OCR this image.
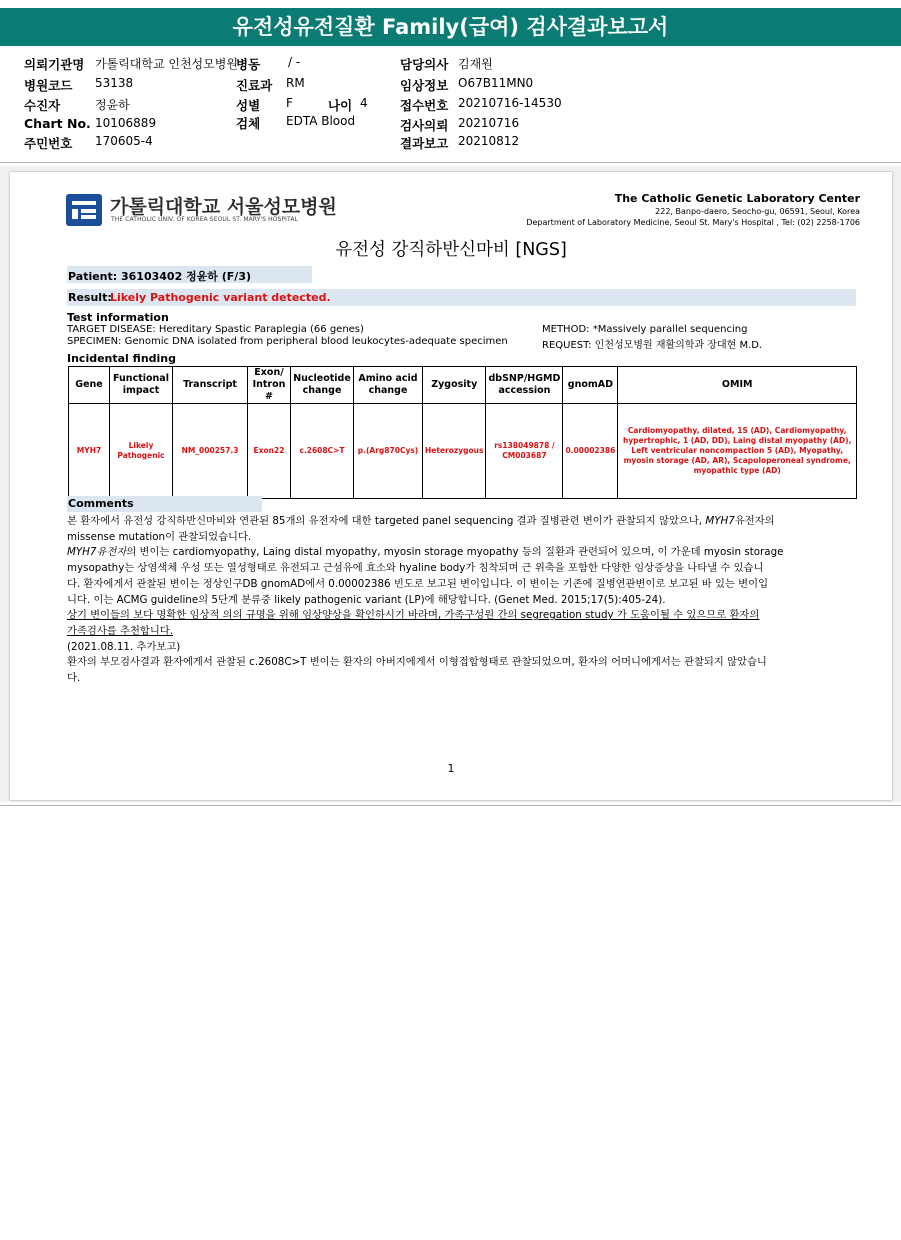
유전성유전질환 Family(급여) 검사결과보고서
의뢰기관명 가톨릭대학교 인천성모병원
병원코드 53138
수진자	정윤하
Chart No. 10106889
주민번호 170605-4
병동 / -
진료과 RM
성별 F	나이 4
검체 EDTA Blood
담당의사 김재원
임상정보 O67B11MN0
접수번호 20210716-14530
검사의뢰 20210716
결과보고 20210812
가톨릭대학교 서울성모병원
THE CATHOLIC UNIV. OF KOREA SEOUL ST. MARY'S HOSPITAL
The Catholic Genetic Laboratory Center
222, Banpo-daero, Seocho-gu, 06591, Seoul, Korea
Department of Laboratory Medicine, Seoul St. Mary's Hospital , Tel: (02) 2258-1706
유전성 강직하반신마비 [NGS]
Patient: 36103402 정윤하 (F/3)
Result:
Likely Pathogenic variant detected.
Test information
TARGET DISEASE: Hereditary Spastic Paraplegia (66 genes)
SPECIMEN: Genomic DNA isolated from peripheral blood leukocytes-adequate specimen
METHOD: *Massively parallel sequencing
REQUEST: 인천성모병원 재활의학과 장대현 M.D.
Incidental finding
Gene	Functional impact	Transcript	Exon/ Intron #	Nucleotide change	Amino acid change	Zygosity	dbSNP/HGMD accession	gnomAD	OMIM
MYH7	Likely Pathogenic	NM_000257.3	Exon22	c.2608C>T	p.(Arg870Cys)	Heterozygous	rs138049878 / CM003687	0.00002386	Cardiomyopathy, dilated, 1S (AD), Cardiomyopathy, hypertrophic, 1 (AD, DD), Laing distal myopathy (AD), Left ventricular noncompaction 5 (AD), Myopathy, myosin storage (AD, AR), Scapuloperoneal syndrome, myopathic type (AD)
Comments
본 환자에서 유전성 강직하반신마비와 연관된 85개의 유전자에 대한 targeted panel sequencing 결과 질병관련 변이가 관찰되지 않았으나, MYH7유전자의
missense mutation이 관찰되었습니다.
MYH7유전자의 변이는 cardiomyopathy, Laing distal myopathy, myosin storage myopathy 등의 질환과 관련되어 있으며, 이 가운데 myosin storage
mysopathy는 상염색체 우성 또는 열성형태로 유전되고 근섬유에 효소와 hyaline body가 침착되며 근 위축을 포함한 다양한 임상증상을 나타낼 수 있습니
다. 환자에게서 관찰된 변이는 정상인구DB gnomAD에서 0.00002386 빈도로 보고된 변이입니다. 이 변이는 기존에 질병연관변이로 보고된 바 있는 변이입
니다. 이는 ACMG guideline의 5단계 분류중 likely pathogenic variant (LP)에 해당합니다. (Genet Med. 2015;17(5):405-24).
상기 변이들의 보다 명확한 임상적 의의 규명을 위해 임상양상을 확인하시기 바라며, 가족구성원 간의 segregation study 가 도움이될 수 있으므로 환자의
가족검사를 추천합니다.
(2021.08.11. 추가보고)
환자의 부모검사결과 환자에게서 관찰된 c.2608C>T 변이는 환자의 아버지에게서 이형접합형태로 관찰되었으며, 환자의 어머니에게서는 관찰되지 않았습니
다.
1
